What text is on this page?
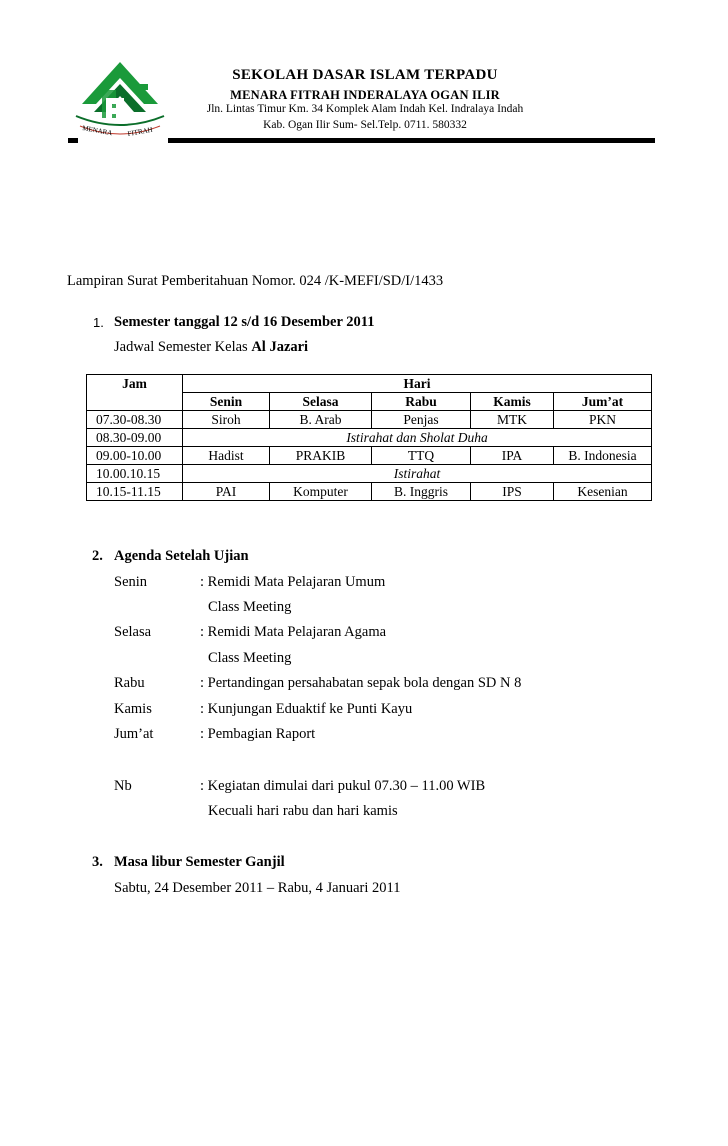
MENARA FITRAH
SEKOLAH DASAR ISLAM TERPADU
MENARA FITRAH INDERALAYA OGAN ILIR
Jln. Lintas Timur Km. 34 Komplek Alam Indah Kel. Indralaya Indah
Kab. Ogan Ilir Sum- Sel.Telp. 0711. 580332
Lampiran Surat Pemberitahuan Nomor. 024 /K-MEFI/SD/I/1433
1. Semester tanggal 12 s/d 16 Desember 2011
Jadwal Semester Kelas Al Jazari
Jam	Hari				
	Senin	Selasa	Rabu	Kamis	Jum’at
07.30-08.30	Siroh	B. Arab	Penjas	MTK	PKN
08.30-09.00	Istirahat dan Sholat Duha				
09.00-10.00	Hadist	PRAKIB	TTQ	IPA	B. Indonesia
10.00.10.15	Istirahat				
10.15-11.15	PAI	Komputer	B. Inggris	IPS	Kesenian
2. Agenda Setelah Ujian
Senin	: Remidi Mata Pelajaran Umum
Class Meeting
Selasa	: Remidi Mata Pelajaran Agama
Class Meeting
Rabu	: Pertandingan persahabatan sepak bola dengan SD N 8
Kamis	: Kunjungan Eduaktif ke Punti Kayu
Jum’at	: Pembagian Raport
Nb	: Kegiatan dimulai dari pukul 07.30 – 11.00 WIB
Kecuali hari rabu dan hari kamis
3. Masa libur Semester Ganjil
Sabtu, 24 Desember 2011 – Rabu, 4 Januari 2011
